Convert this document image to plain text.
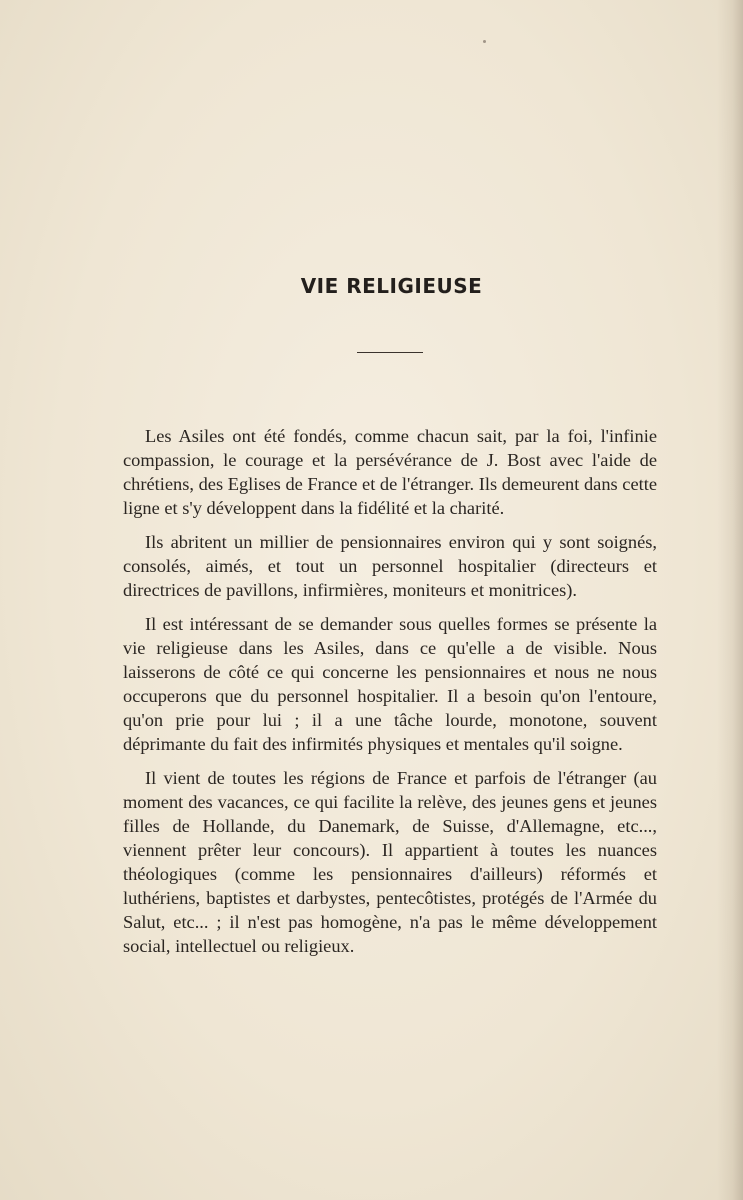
VIE RELIGIEUSE

Les Asiles ont été fondés, comme chacun sait, par la foi, l'infinie compassion, le courage et la persévérance de J. Bost avec l'aide de chrétiens, des Eglises de France et de l'étranger. Ils demeurent dans cette ligne et s'y développent dans la fidélité et la charité.

Ils abritent un millier de pensionnaires environ qui y sont soignés, consolés, aimés, et tout un personnel hospitalier (directeurs et directrices de pavillons, infirmières, moniteurs et monitrices).

Il est intéressant de se demander sous quelles formes se présente la vie religieuse dans les Asiles, dans ce qu'elle a de visible. Nous laisserons de côté ce qui concerne les pensionnaires et nous ne nous occuperons que du personnel hospitalier. Il a besoin qu'on l'entoure, qu'on prie pour lui ; il a une tâche lourde, monotone, souvent déprimante du fait des infirmités physiques et mentales qu'il soigne.

Il vient de toutes les régions de France et parfois de l'étranger (au moment des vacances, ce qui facilite la relève, des jeunes gens et jeunes filles de Hollande, du Danemark, de Suisse, d'Allemagne, etc..., viennent prêter leur concours). Il appartient à toutes les nuances théologiques (comme les pensionnaires d'ailleurs) réformés et luthériens, baptistes et darbystes, pentecôtistes, protégés de l'Armée du Salut, etc... ; il n'est pas homogène, n'a pas le même développement social, intellectuel ou religieux.
